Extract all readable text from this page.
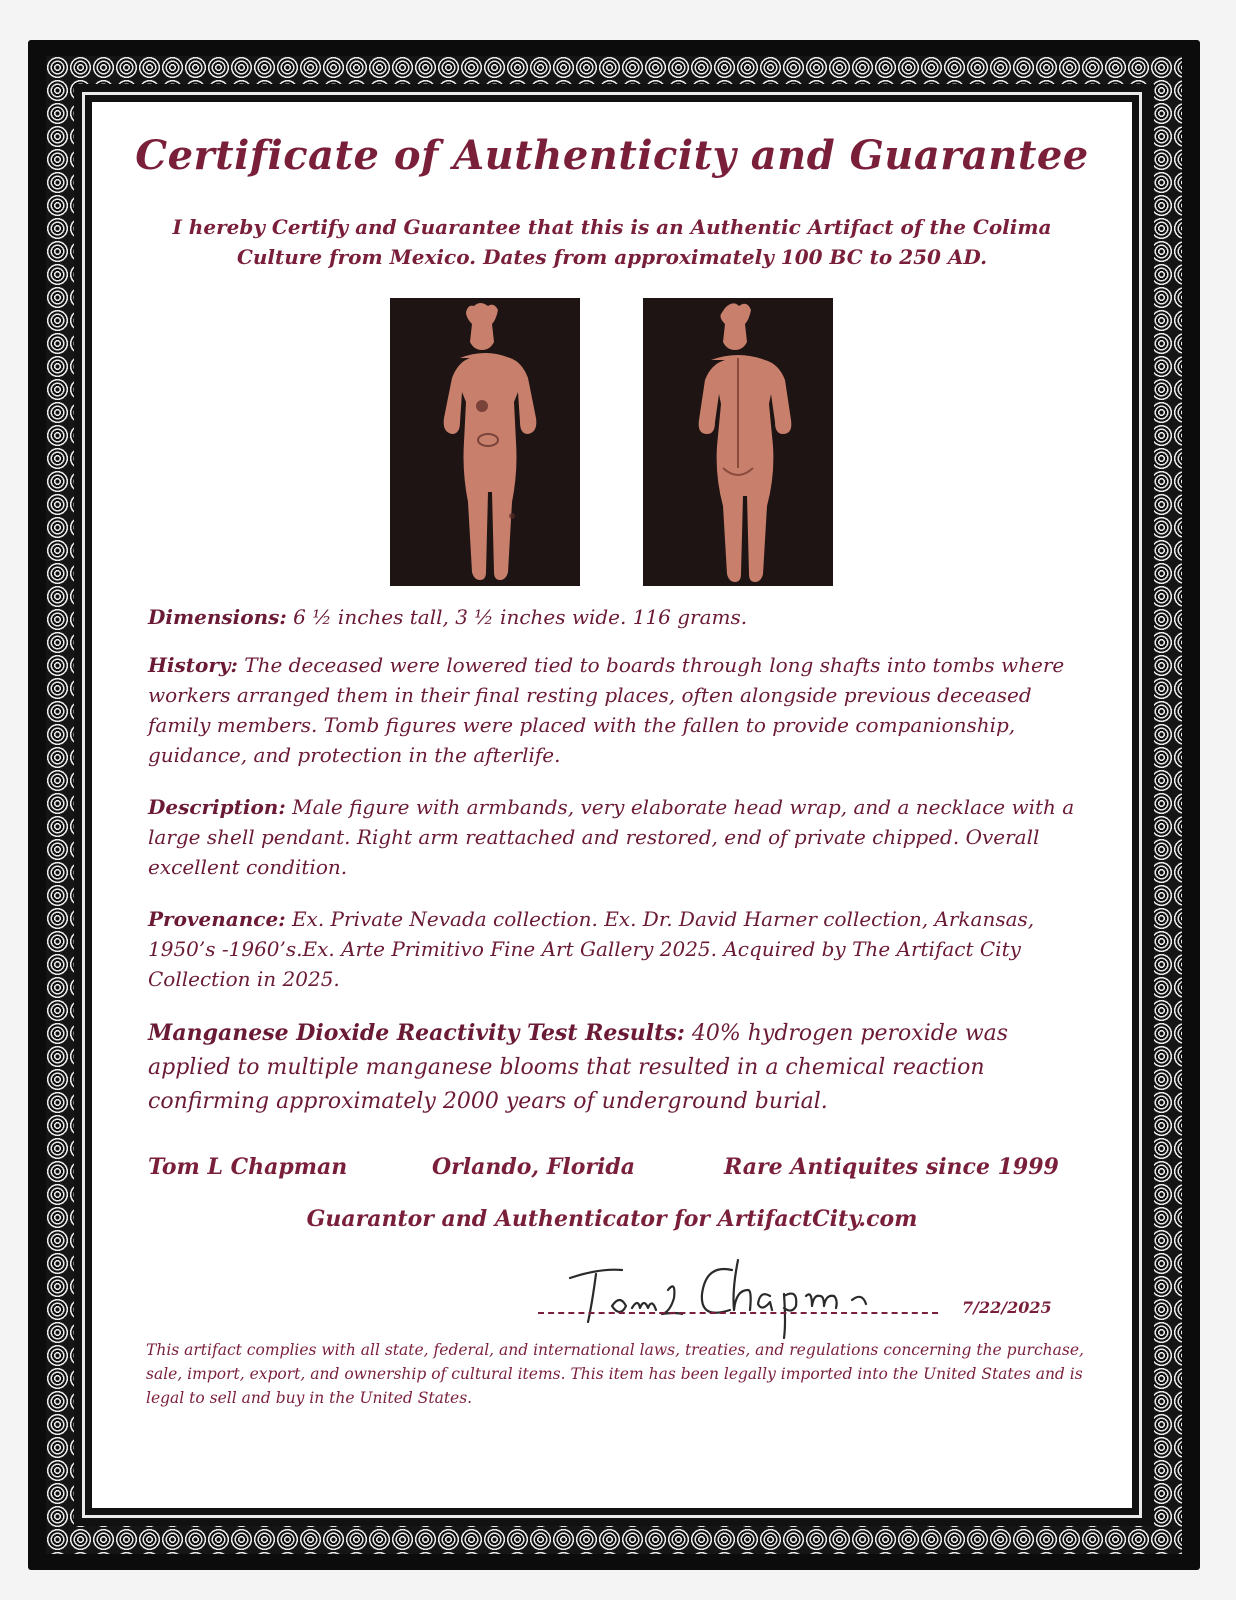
Certificate of Authenticity and Guarantee
I hereby Certify and Guarantee that this is an Authentic Artifact of the Colima
Culture from Mexico. Dates from approximately 100 BC to 250 AD.
Dimensions: 6 ½ inches tall, 3 ½ inches wide. 116 grams.
History: The deceased were lowered tied to boards through long shafts into tombs where workers arranged them in their final resting places, often alongside previous deceased family members. Tomb figures were placed with the fallen to provide companionship, guidance, and protection in the afterlife.
Description: Male figure with armbands, very elaborate head wrap, and a necklace with a large shell pendant. Right arm reattached and restored, end of private chipped. Overall excellent condition.
Provenance: Ex. Private Nevada collection. Ex. Dr. David Harner collection, Arkansas, 1950’s -1960’s.Ex. Arte Primitivo Fine Art Gallery 2025. Acquired by The Artifact City Collection in 2025.
Manganese Dioxide Reactivity Test Results: 40% hydrogen peroxide was applied to multiple manganese blooms that resulted in a chemical reaction confirming approximately 2000 years of underground burial.
Tom L Chapman	Orlando, Florida	Rare Antiquites since 1999
Guarantor and Authenticator for ArtifactCity.com
7/22/2025
This artifact complies with all state, federal, and international laws, treaties, and regulations concerning the purchase, sale, import, export, and ownership of cultural items. This item has been legally imported into the United States and is legal to sell and buy in the United States.
